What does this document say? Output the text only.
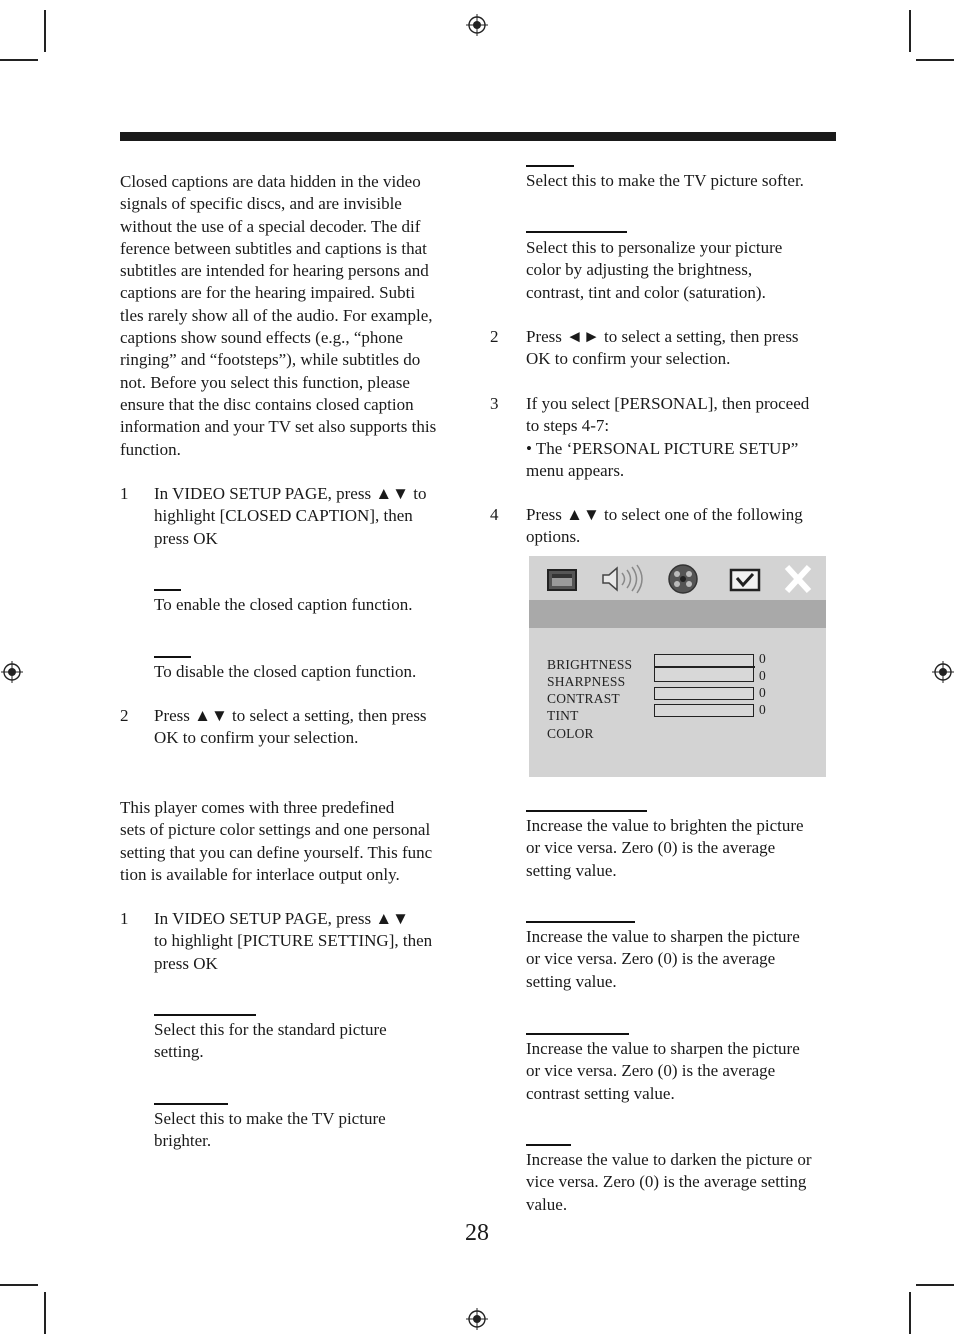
Closed captions are data hidden in the video
signals of specific discs, and are invisible
without the use of a special decoder. The dif
ference between subtitles and captions is that
subtitles are intended for hearing persons and
captions are for the hearing impaired. Subti
tles rarely show all of the audio. For example,
captions show sound effects (e.g., “phone
ringing” and “footsteps”), while subtitles do
not. Before you select this function, please
ensure that the disc contains closed caption
information and your TV set also supports this
function.

1 In VIDEO SETUP PAGE, press ▲▼ to
highlight [CLOSED CAPTION], then
press OK

To enable the closed caption function.

To disable the closed caption function.

2 Press ▲▼ to select a setting, then press
OK to confirm your selection.

This player comes with three predefined
sets of picture color settings and one personal
setting that you can define yourself. This func
tion is available for interlace output only.

1 In VIDEO SETUP PAGE, press ▲▼
to highlight [PICTURE SETTING], then
press OK

Select this for the standard picture
setting.

Select this to make the TV picture
brighter.

Select this to make the TV picture softer.

Select this to personalize your picture
color by adjusting the brightness,
contrast, tint and color (saturation).

2 Press ◄► to select a setting, then press
OK to confirm your selection.

3 If you select [PERSONAL], then proceed
to steps 4-7:
• The ‘PERSONAL PICTURE SETUP”
menu appears.

4 Press ▲▼ to select one of the following
options.

BRIGHTNESS
SHARPNESS
CONTRAST
TINT
COLOR
0
0
0
0

Increase the value to brighten the picture
or vice versa. Zero (0) is the average
setting value.

Increase the value to sharpen the picture
or vice versa. Zero (0) is the average
setting value.

Increase the value to sharpen the picture
or vice versa. Zero (0) is the average
contrast setting value.

Increase the value to darken the picture or
vice versa. Zero (0) is the average setting
value.

28
